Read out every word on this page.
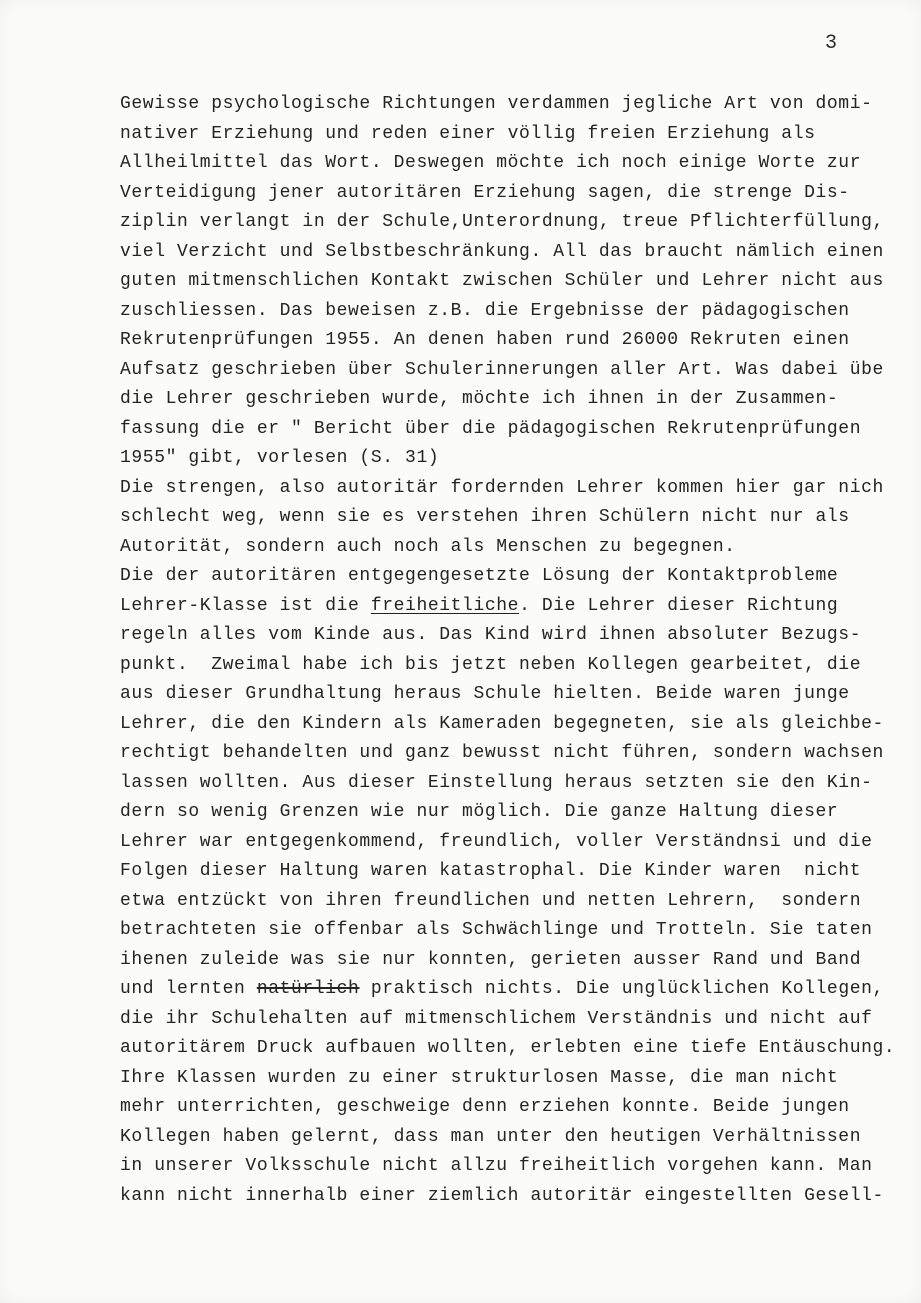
3
Gewisse psychologische Richtungen verdammen jegliche Art von domi-
nativer Erziehung und reden einer völlig freien Erziehung als
Allheilmittel das Wort. Deswegen möchte ich noch einige Worte zur
Verteidigung jener autoritären Erziehung sagen, die strenge Dis-
ziplin verlangt in der Schule,Unterordnung, treue Pflichterfüllung,
viel Verzicht und Selbstbeschränkung. All das braucht nämlich einen
guten mitmenschlichen Kontakt zwischen Schüler und Lehrer nicht aus
zuschliessen. Das beweisen z.B. die Ergebnisse der pädagogischen
Rekrutenprüfungen 1955. An denen haben rund 26000 Rekruten einen
Aufsatz geschrieben über Schulerinnerungen aller Art. Was dabei übe
die Lehrer geschrieben wurde, möchte ich ihnen in der Zusammen-
fassung die er " Bericht über die pädagogischen Rekrutenprüfungen
1955" gibt, vorlesen (S. 31)
Die strengen, also autoritär fordernden Lehrer kommen hier gar nich
schlecht weg, wenn sie es verstehen ihren Schülern nicht nur als
Autorität, sondern auch noch als Menschen zu begegnen.
Die der autoritären entgegengesetzte Lösung der Kontaktprobleme
Lehrer-Klasse ist die freiheitliche. Die Lehrer dieser Richtung
regeln alles vom Kinde aus. Das Kind wird ihnen absoluter Bezugs-
punkt.  Zweimal habe ich bis jetzt neben Kollegen gearbeitet, die
aus dieser Grundhaltung heraus Schule hielten. Beide waren junge
Lehrer, die den Kindern als Kameraden begegneten, sie als gleichbe-
rechtigt behandelten und ganz bewusst nicht führen, sondern wachsen
lassen wollten. Aus dieser Einstellung heraus setzten sie den Kin-
dern so wenig Grenzen wie nur möglich. Die ganze Haltung dieser
Lehrer war entgegenkommend, freundlich, voller Verständnsi und die
Folgen dieser Haltung waren katastrophal. Die Kinder waren  nicht
etwa entzückt von ihren freundlichen und netten Lehrern,  sondern
betrachteten sie offenbar als Schwächlinge und Trotteln. Sie taten
ihenen zuleide was sie nur konnten, gerieten ausser Rand und Band
und lernten natürlich praktisch nichts. Die unglücklichen Kollegen,
die ihr Schulehalten auf mitmenschlichem Verständnis und nicht auf
autoritärem Druck aufbauen wollten, erlebten eine tiefe Entäuschung.
Ihre Klassen wurden zu einer strukturlosen Masse, die man nicht
mehr unterrichten, geschweige denn erziehen konnte. Beide jungen
Kollegen haben gelernt, dass man unter den heutigen Verhältnissen
in unserer Volksschule nicht allzu freiheitlich vorgehen kann. Man
kann nicht innerhalb einer ziemlich autoritär eingestellten Gesell-
